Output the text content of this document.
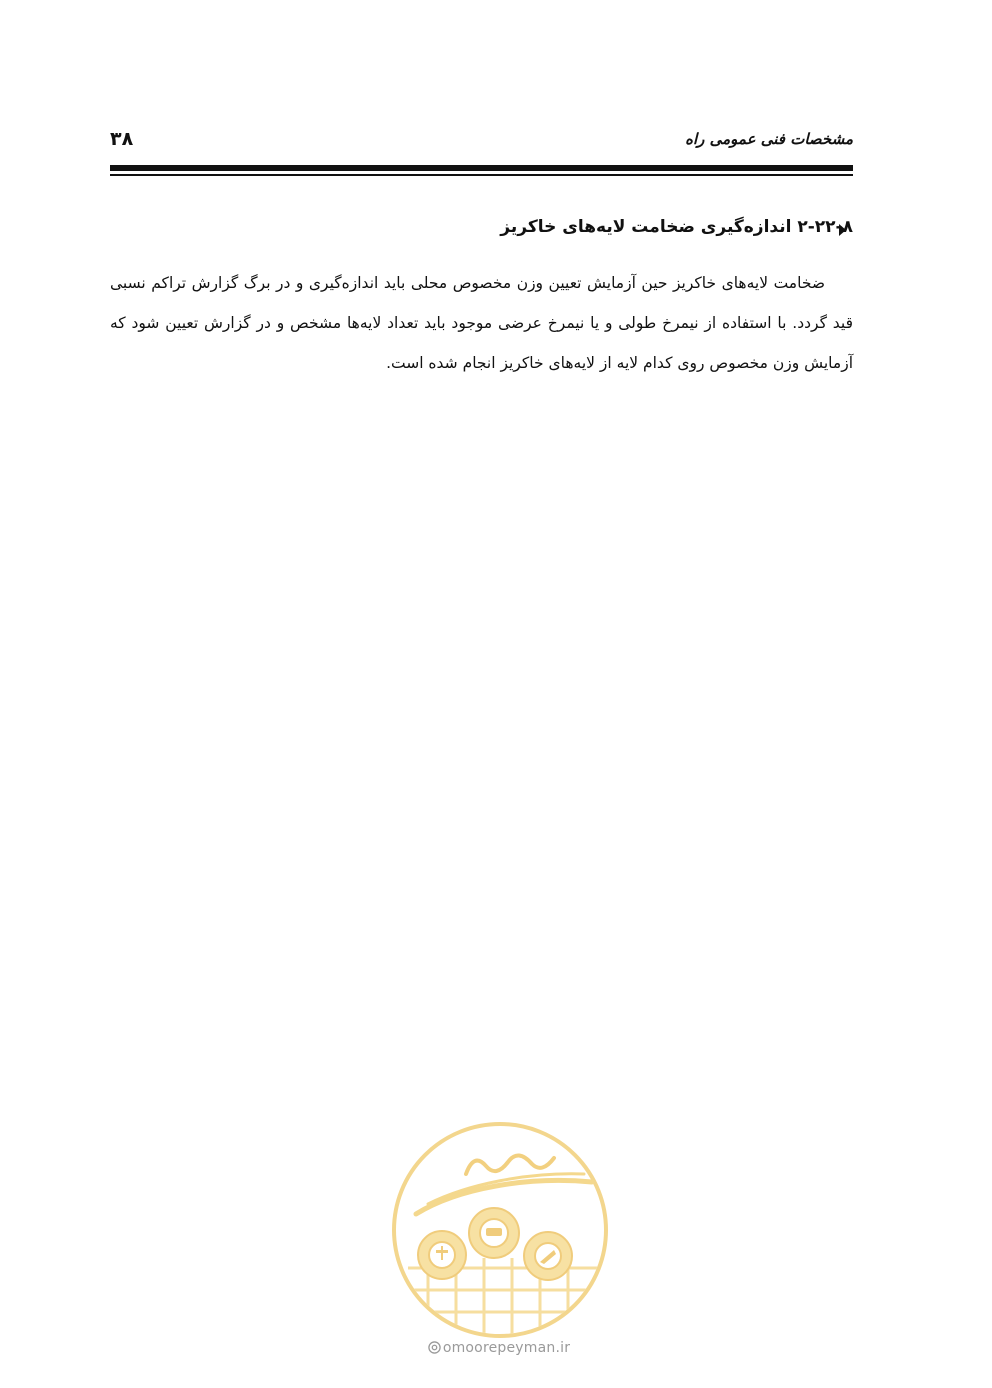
۳۸	مشخصات فنی عمومی راه
۲-۲۲-۸ اندازه‌گیری ضخامت لایه‌های خاکریز

ضخامت لایه‌های خاکریز حین آزمایش تعیین وزن مخصوص محلی باید اندازه‌گیری و در برگ گزارش تراکم نسبی قید گردد. با استفاده از نیمرخ طولی و یا نیمرخ عرضی موجود باید تعداد لایه‌ها مشخص و در گزارش تعیین شود که آزمایش وزن مخصوص روی کدام لایه از لایه‌های خاکریز انجام شده است.

omoorepeyman.ir
